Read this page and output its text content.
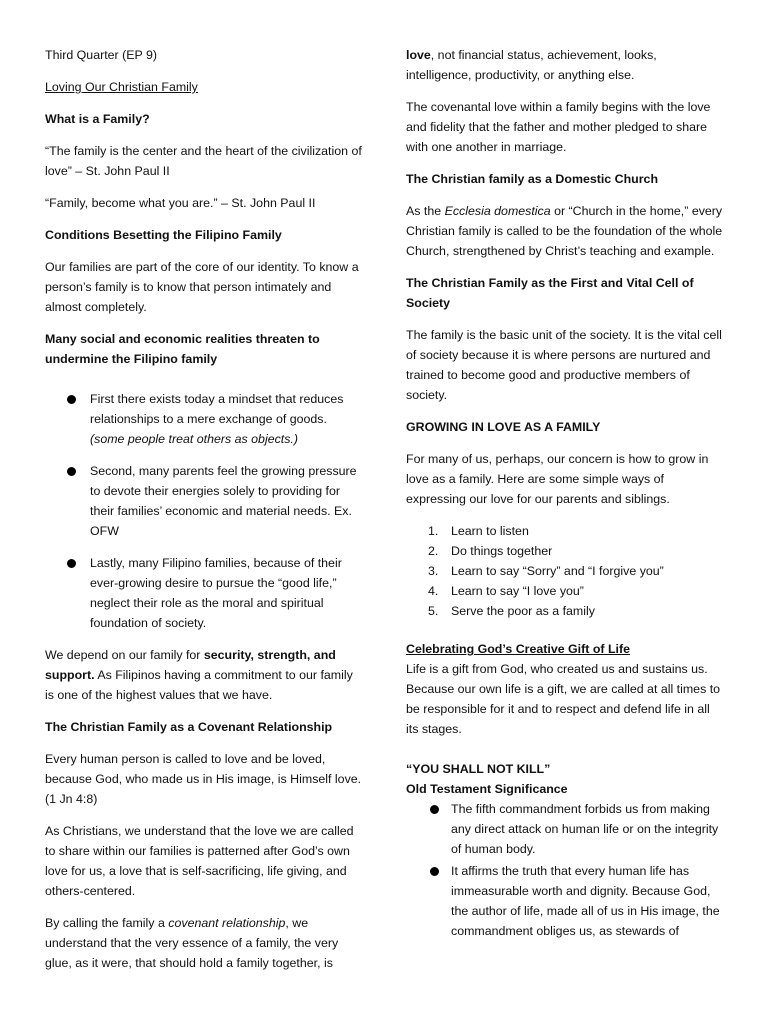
Third Quarter (EP 9)

Loving Our Christian Family

What is a Family?

“The family is the center and the heart of the civilization of love” – St. John Paul II

“Family, become what you are.” – St. John Paul II

Conditions Besetting the Filipino Family

Our families are part of the core of our identity. To know a person’s family is to know that person intimately and almost completely.

Many social and economic realities threaten to undermine the Filipino family

First there exists today a mindset that reduces relationships to a mere exchange of goods. (some people treat others as objects.)
Second, many parents feel the growing pressure to devote their energies solely to providing for their families’ economic and material needs. Ex. OFW
Lastly, many Filipino families, because of their ever-growing desire to pursue the “good life,” neglect their role as the moral and spiritual foundation of society.

We depend on our family for security, strength, and support. As Filipinos having a commitment to our family is one of the highest values that we have.

The Christian Family as a Covenant Relationship

Every human person is called to love and be loved, because God, who made us in His image, is Himself love. (1 Jn 4:8)

As Christians, we understand that the love we are called to share within our families is patterned after God’s own love for us, a love that is self-sacrificing, life giving, and others-centered.

By calling the family a covenant relationship, we understand that the very essence of a family, the very glue, as it were, that should hold a family together, is

love, not financial status, achievement, looks, intelligence, productivity, or anything else.

The covenantal love within a family begins with the love and fidelity that the father and mother pledged to share with one another in marriage.

The Christian family as a Domestic Church

As the Ecclesia domestica or “Church in the home,” every Christian family is called to be the foundation of the whole Church, strengthened by Christ’s teaching and example.

The Christian Family as the First and Vital Cell of Society

The family is the basic unit of the society. It is the vital cell of society because it is where persons are nurtured and trained to become good and productive members of society.

GROWING IN LOVE AS A FAMILY

For many of us, perhaps, our concern is how to grow in love as a family. Here are some simple ways of expressing our love for our parents and siblings.

1. Learn to listen
2. Do things together
3. Learn to say “Sorry” and “I forgive you”
4. Learn to say “I love you”
5. Serve the poor as a family

Celebrating God’s Creative Gift of Life

Life is a gift from God, who created us and sustains us. Because our own life is a gift, we are called at all times to be responsible for it and to respect and defend life in all its stages.

“YOU SHALL NOT KILL”

Old Testament Significance

The fifth commandment forbids us from making any direct attack on human life or on the integrity of human body.
It affirms the truth that every human life has immeasurable worth and dignity. Because God, the author of life, made all of us in His image, the commandment obliges us, as stewards of
